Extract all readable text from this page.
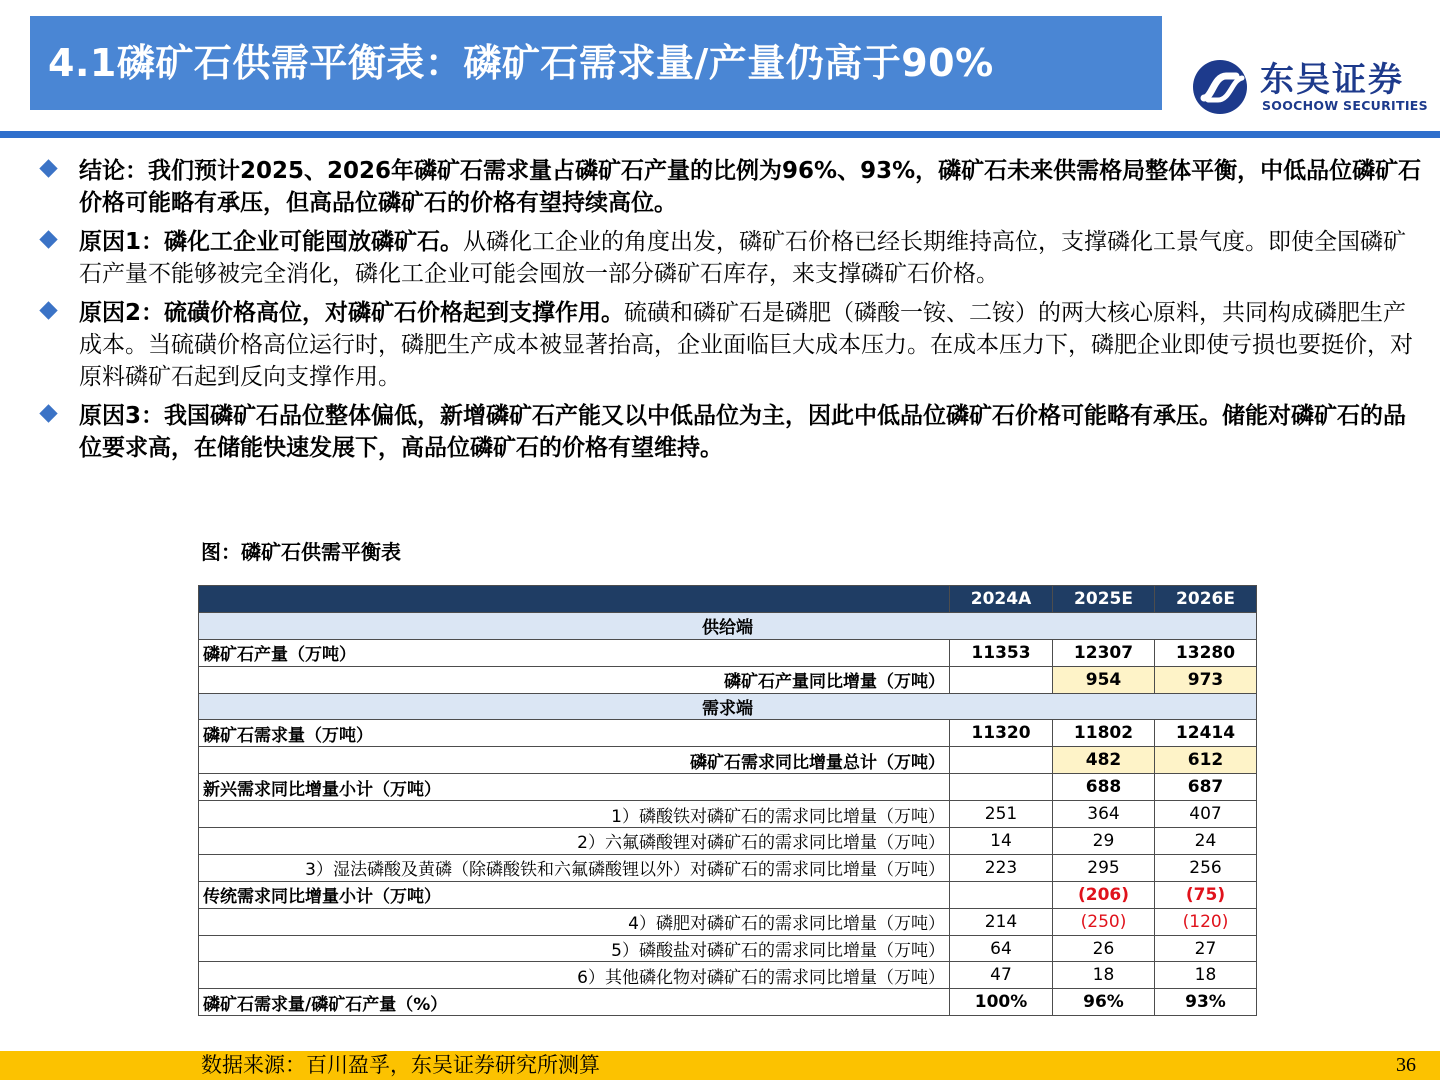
4.1磷矿石供需平衡表：磷矿石需求量/产量仍高于90%	东吴证券
SOOCHOW SECURITIES
结论：我们预计2025、2026年磷矿石需求量占磷矿石产量的比例为96%、93%，磷矿石未来供需格局整体平衡，中低品位磷矿石价格可能略有承压，但高品位磷矿石的价格有望持续高位。
原因1：磷化工企业可能囤放磷矿石。从磷化工企业的角度出发，磷矿石价格已经长期维持高位，支撑磷化工景气度。即使全国磷矿石产量不能够被完全消化，磷化工企业可能会囤放一部分磷矿石库存，来支撑磷矿石价格。
原因2：硫磺价格高位，对磷矿石价格起到支撑作用。硫磺和磷矿石是磷肥（磷酸一铵、二铵）的两大核心原料，共同构成磷肥生产成本。当硫磺价格高位运行时，磷肥生产成本被显著抬高，企业面临巨大成本压力。在成本压力下，磷肥企业即使亏损也要挺价，对原料磷矿石起到反向支撑作用。
原因3：我国磷矿石品位整体偏低，新增磷矿石产能又以中低品位为主，因此中低品位磷矿石价格可能略有承压。储能对磷矿石的品位要求高，在储能快速发展下，高品位磷矿石的价格有望维持。
图：磷矿石供需平衡表
	2024A	2025E	2026E
供给端			
磷矿石产量（万吨）	11353	12307	13280
磷矿石产量同比增量（万吨）		954	973
需求端			
磷矿石需求量（万吨）	11320	11802	12414
磷矿石需求同比增量总计（万吨）		482	612
新兴需求同比增量小计（万吨）		688	687
1）磷酸铁对磷矿石的需求同比增量（万吨）	251	364	407
2）六氟磷酸锂对磷矿石的需求同比增量（万吨）	14	29	24
3）湿法磷酸及黄磷（除磷酸铁和六氟磷酸锂以外）对磷矿石的需求同比增量（万吨）	223	295	256
传统需求同比增量小计（万吨）		(206)	(75)
4）磷肥对磷矿石的需求同比增量（万吨）	214	(250)	(120)
5）磷酸盐对磷矿石的需求同比增量（万吨）	64	26	27
6）其他磷化物对磷矿石的需求同比增量（万吨）	47	18	18
磷矿石需求量/磷矿石产量（%）	100%	96%	93%
数据来源：百川盈孚，东吴证券研究所测算	36
